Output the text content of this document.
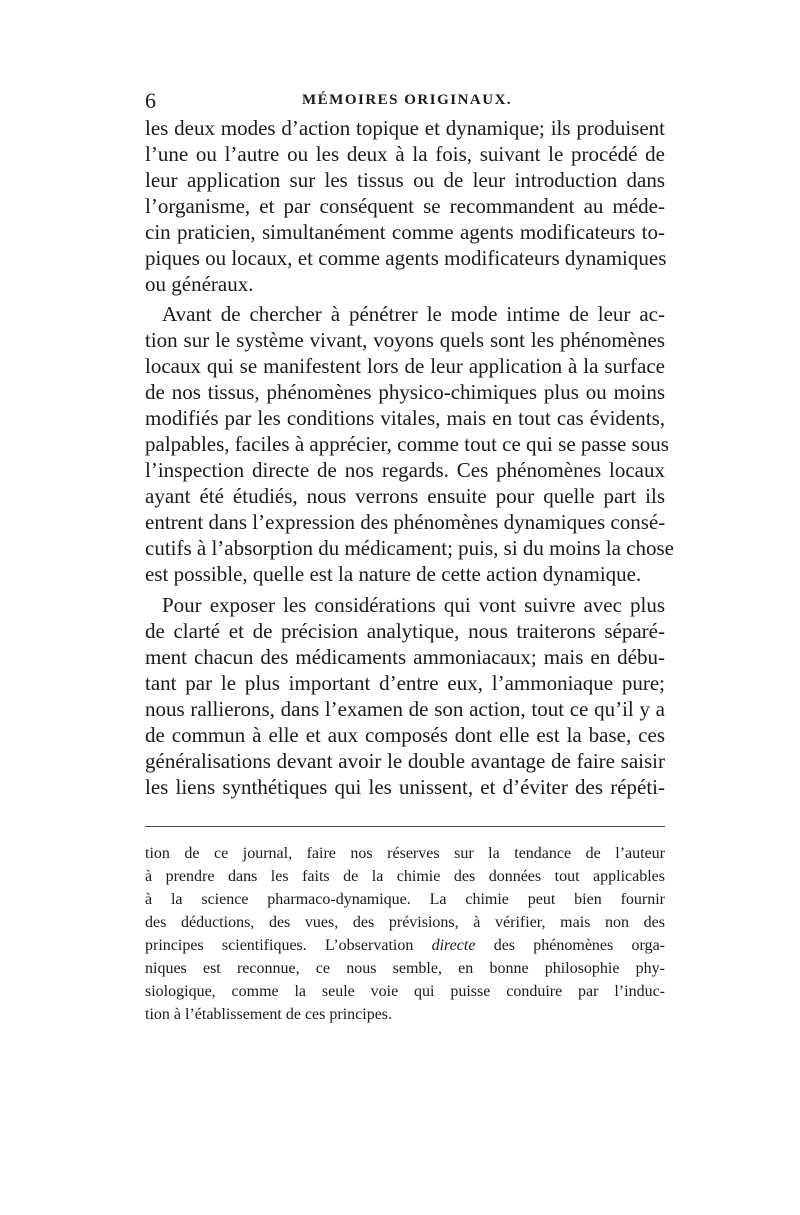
6	MÉMOIRES ORIGINAUX.
les deux modes d’action topique et dynamique; ils produisent
l’une ou l’autre ou les deux à la fois, suivant le procédé de
leur application sur les tissus ou de leur introduction dans
l’organisme, et par conséquent se recommandent au méde-
cin praticien, simultanément comme agents modificateurs to-
piques ou locaux, et comme agents modificateurs dynamiques
ou généraux.
Avant de chercher à pénétrer le mode intime de leur ac-
tion sur le système vivant, voyons quels sont les phénomènes
locaux qui se manifestent lors de leur application à la surface
de nos tissus, phénomènes physico-chimiques plus ou moins
modifiés par les conditions vitales, mais en tout cas évidents,
palpables, faciles à apprécier, comme tout ce qui se passe sous
l’inspection directe de nos regards. Ces phénomènes locaux
ayant été étudiés, nous verrons ensuite pour quelle part ils
entrent dans l’expression des phénomènes dynamiques consé-
cutifs à l’absorption du médicament; puis, si du moins la chose
est possible, quelle est la nature de cette action dynamique.
Pour exposer les considérations qui vont suivre avec plus
de clarté et de précision analytique, nous traiterons séparé-
ment chacun des médicaments ammoniacaux; mais en débu-
tant par le plus important d’entre eux, l’ammoniaque pure;
nous rallierons, dans l’examen de son action, tout ce qu’il y a
de commun à elle et aux composés dont elle est la base, ces
généralisations devant avoir le double avantage de faire saisir
les liens synthétiques qui les unissent, et d’éviter des répéti-
tion de ce journal, faire nos réserves sur la tendance de l’auteur
à prendre dans les faits de la chimie des données tout applicables
à la science pharmaco-dynamique. La chimie peut bien fournir
des déductions, des vues, des prévisions, à vérifier, mais non des
principes scientifiques. L’observation directe des phénomènes orga-
niques est reconnue, ce nous semble, en bonne philosophie phy-
siologique, comme la seule voie qui puisse conduire par l’induc-
tion à l’établissement de ces principes.
